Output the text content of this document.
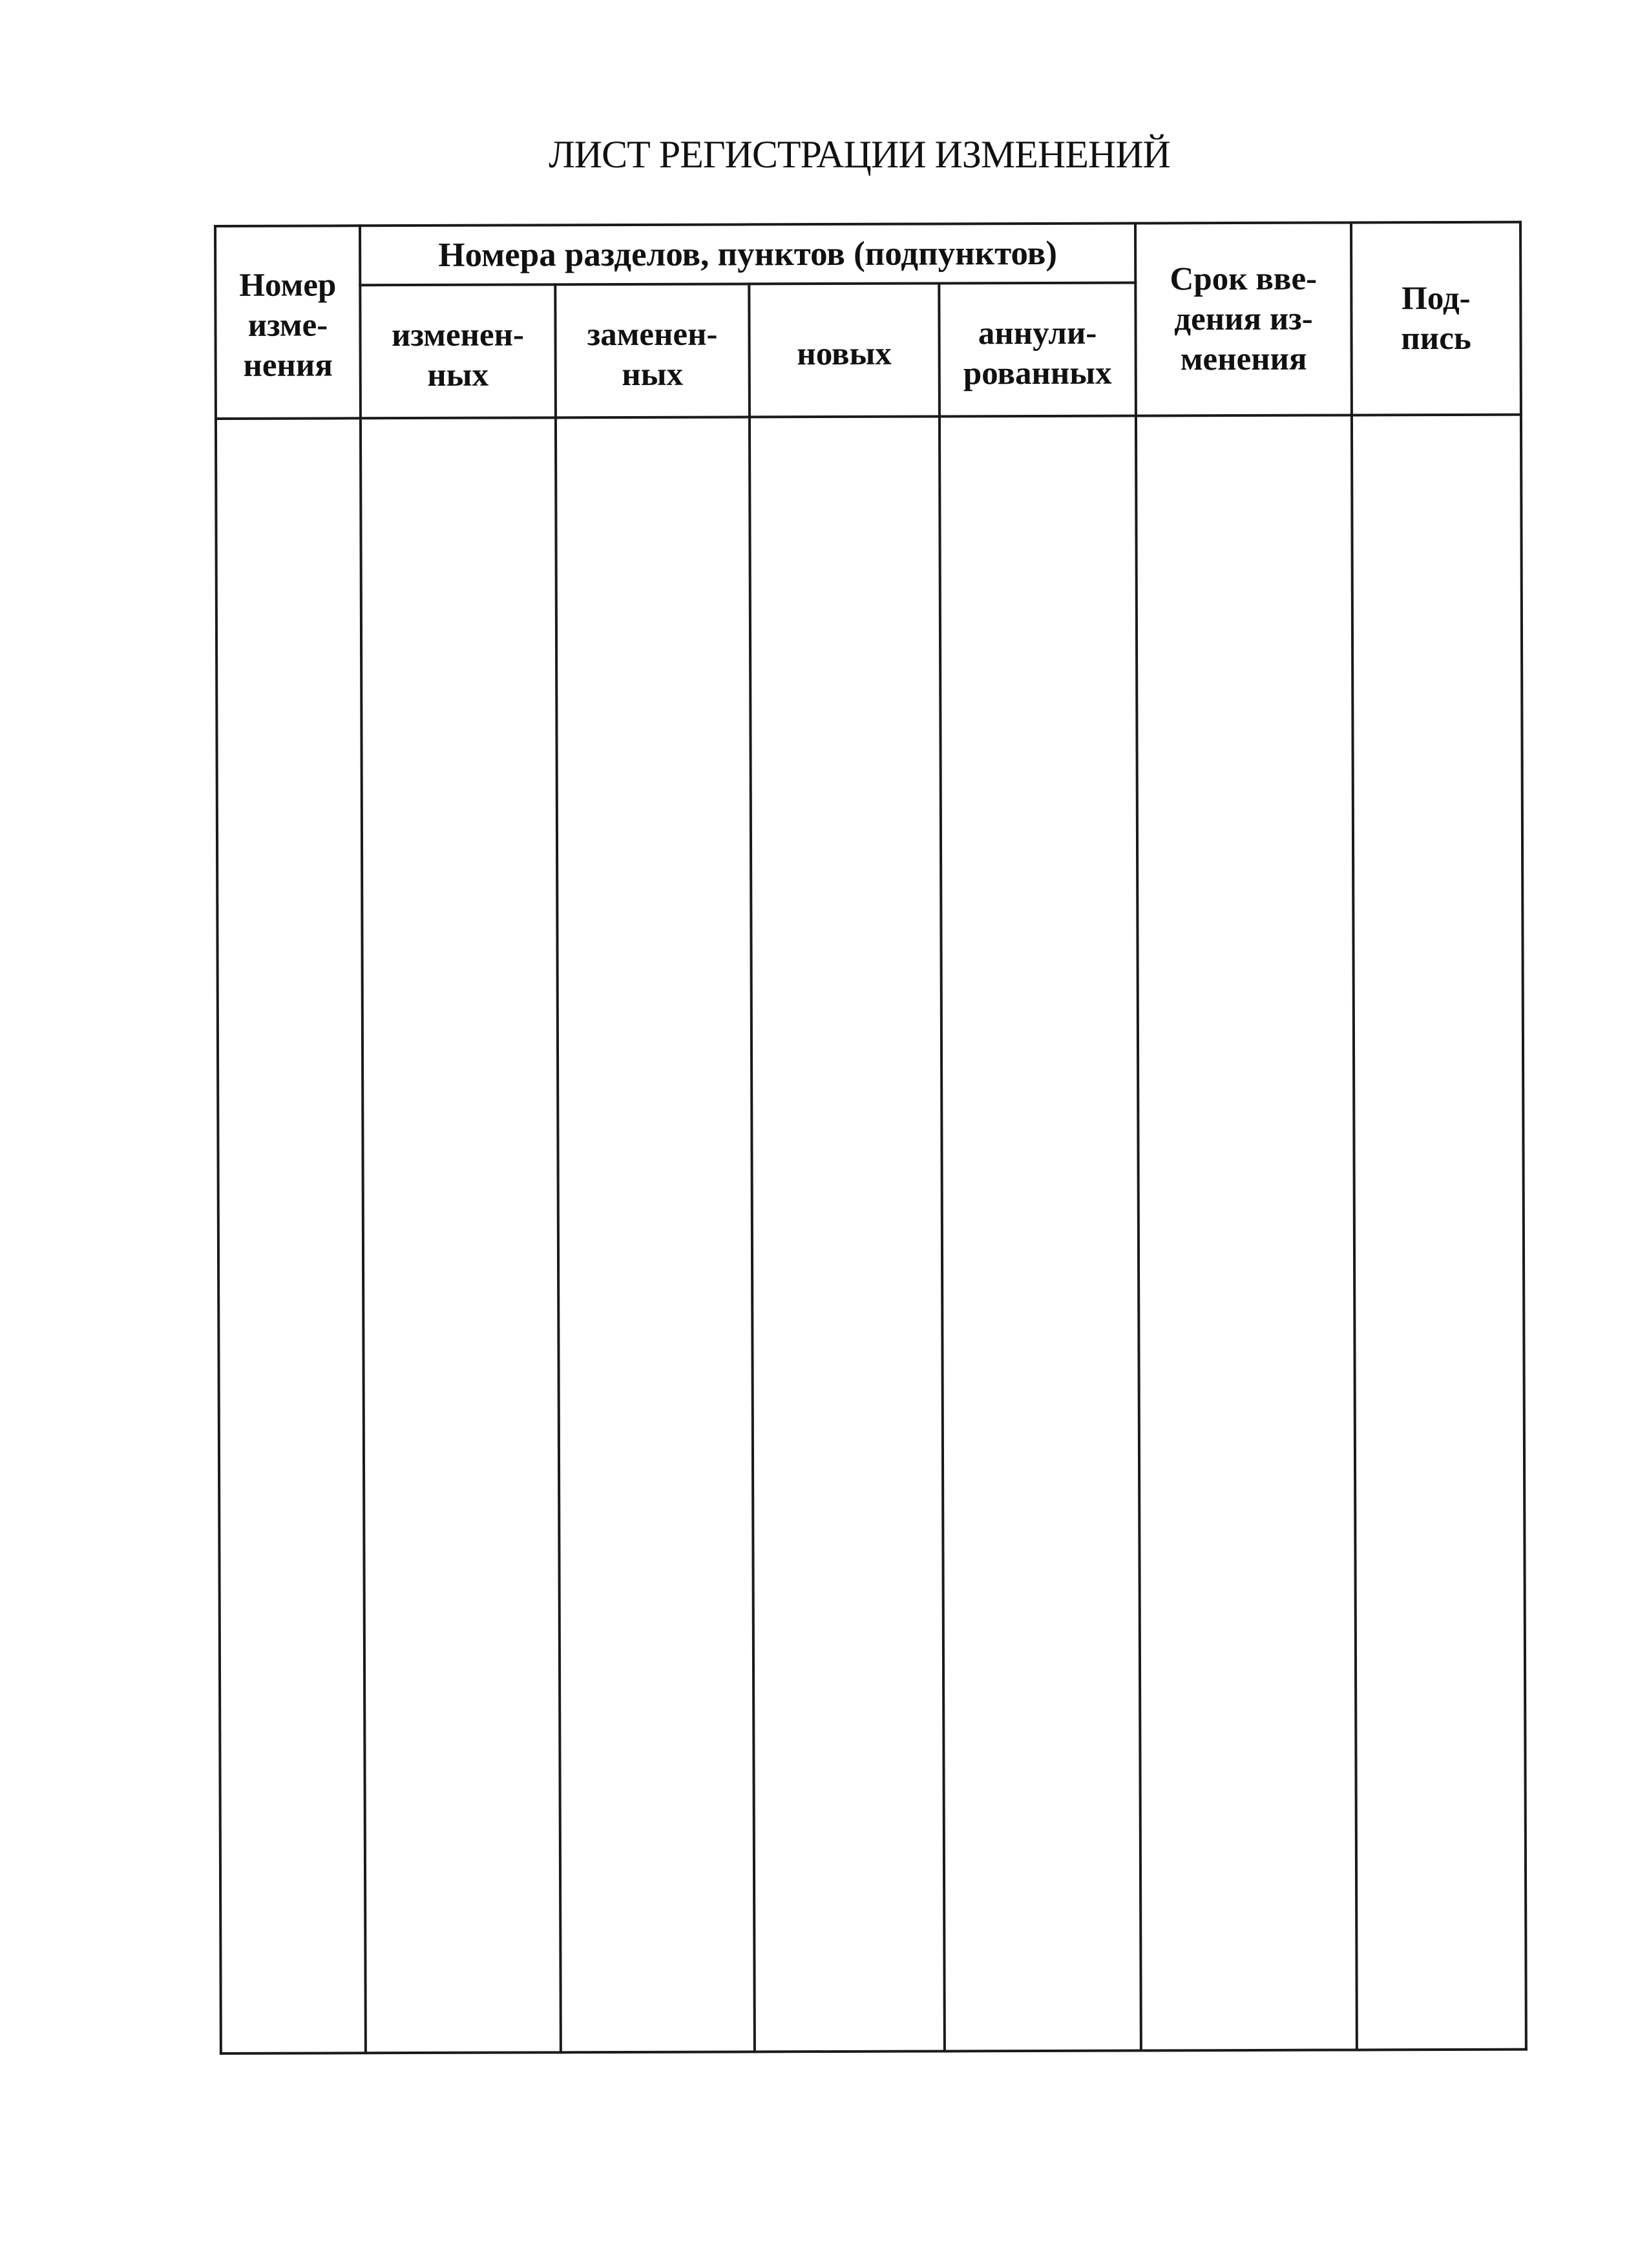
ЛИСТ РЕГИСТРАЦИИ ИЗМЕНЕНИЙ
Номер
изме-
нения	Номера разделов, пунктов (подпунктов)				Срок вве-
дения из-
менения	Под-
пись
	изменен-
ных	заменен-
ных	новых	аннули-
рованных		
